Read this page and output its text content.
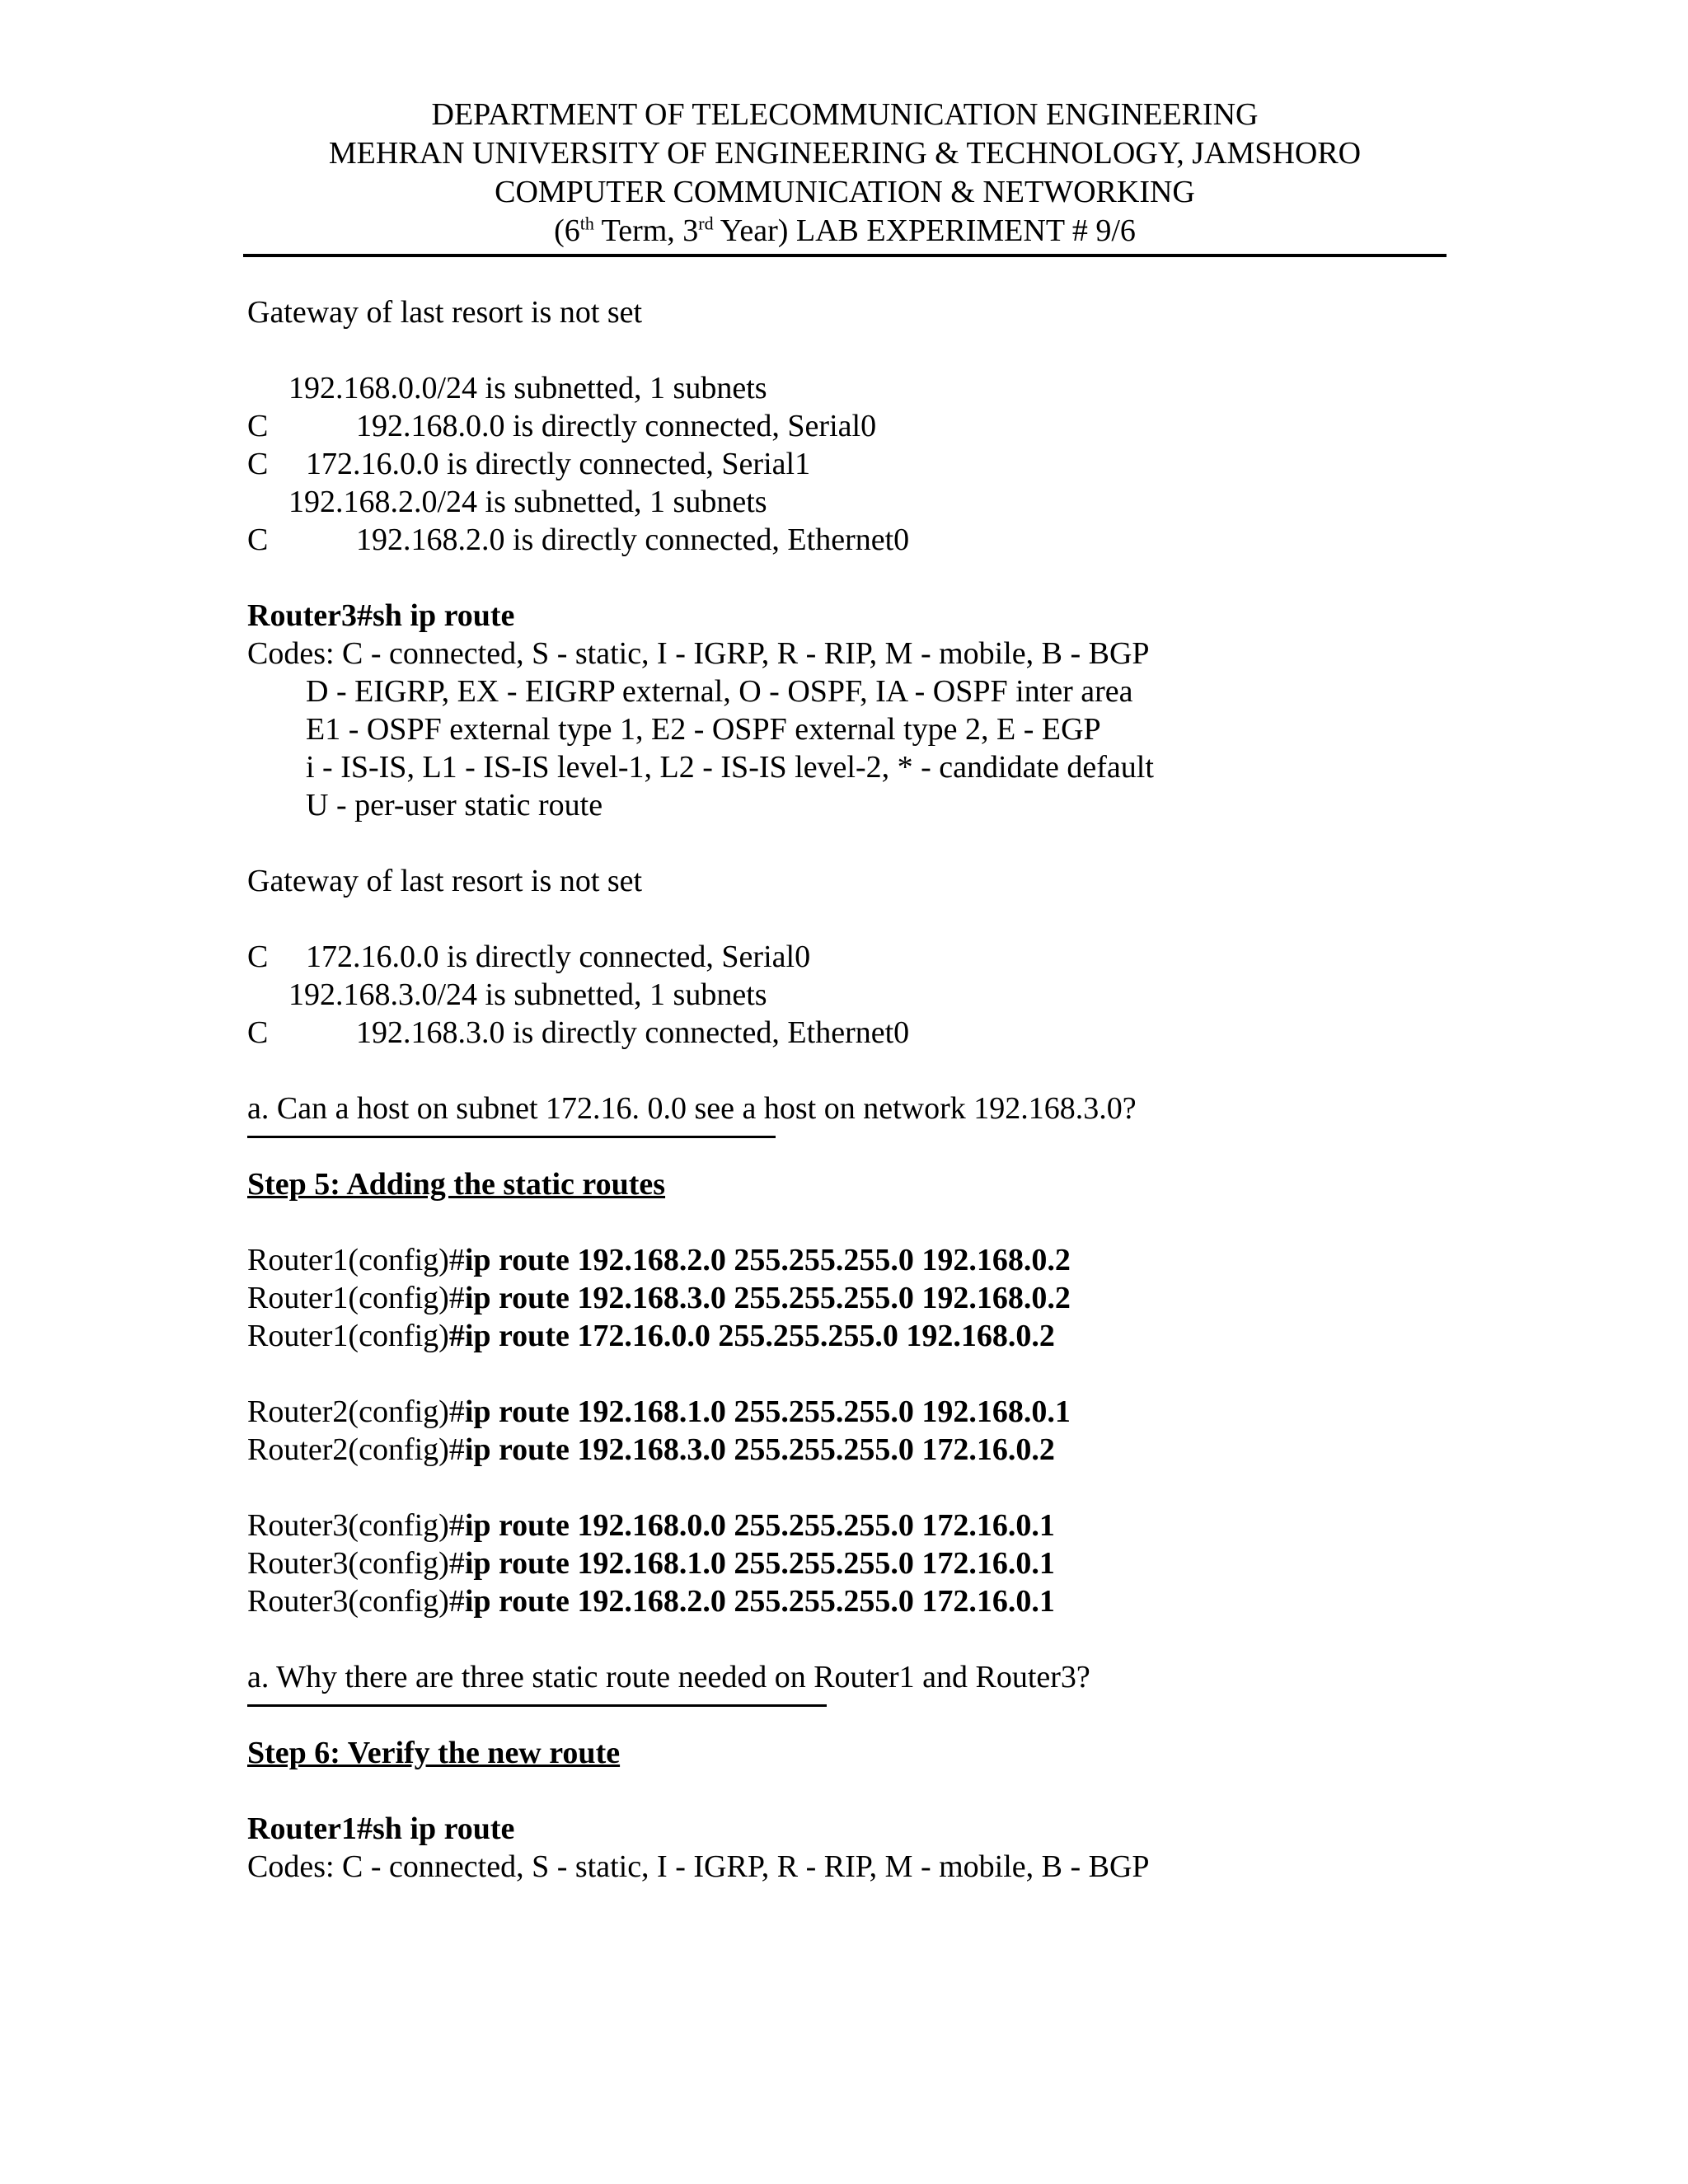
DEPARTMENT OF TELECOMMUNICATION ENGINEERING
MEHRAN UNIVERSITY OF ENGINEERING & TECHNOLOGY, JAMSHORO
COMPUTER COMMUNICATION & NETWORKING
(6th Term, 3rd Year) LAB EXPERIMENT # 9/6
Gateway of last resort is not set
192.168.0.0/24 is subnetted, 1 subnets
C	192.168.0.0 is directly connected, Serial0
C 172.16.0.0 is directly connected, Serial1
192.168.2.0/24 is subnetted, 1 subnets
C	192.168.2.0 is directly connected, Ethernet0
Router3#sh ip route
Codes: C - connected, S - static, I - IGRP, R - RIP, M - mobile, B - BGP
D - EIGRP, EX - EIGRP external, O - OSPF, IA - OSPF inter area
E1 - OSPF external type 1, E2 - OSPF external type 2, E - EGP
i - IS-IS, L1 - IS-IS level-1, L2 - IS-IS level-2, * - candidate default
U - per-user static route
Gateway of last resort is not set
C 172.16.0.0 is directly connected, Serial0
192.168.3.0/24 is subnetted, 1 subnets
C	192.168.3.0 is directly connected, Ethernet0
a. Can a host on subnet 172.16. 0.0 see a host on network 192.168.3.0?
Step 5: Adding the static routes
Router1(config)#ip route 192.168.2.0 255.255.255.0 192.168.0.2
Router1(config)#ip route 192.168.3.0 255.255.255.0 192.168.0.2
Router1(config)#ip route 172.16.0.0 255.255.255.0 192.168.0.2
Router2(config)#ip route 192.168.1.0 255.255.255.0 192.168.0.1
Router2(config)#ip route 192.168.3.0 255.255.255.0 172.16.0.2
Router3(config)#ip route 192.168.0.0 255.255.255.0 172.16.0.1
Router3(config)#ip route 192.168.1.0 255.255.255.0 172.16.0.1
Router3(config)#ip route 192.168.2.0 255.255.255.0 172.16.0.1
a. Why there are three static route needed on Router1 and Router3?
Step 6: Verify the new route
Router1#sh ip route
Codes: C - connected, S - static, I - IGRP, R - RIP, M - mobile, B - BGP
